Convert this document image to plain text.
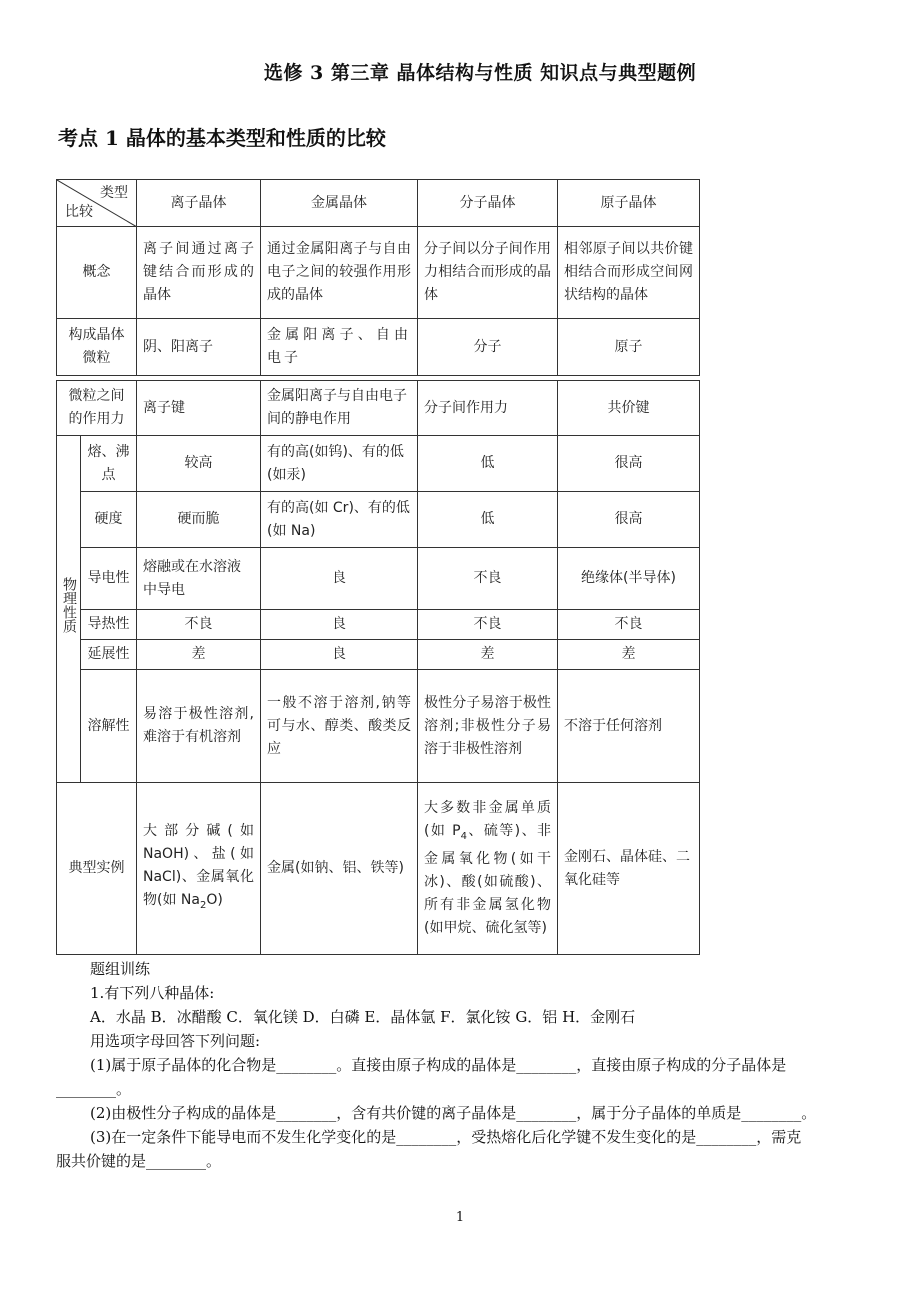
选修 3 第三章 晶体结构与性质 知识点与典型题例
考点 1 晶体的基本类型和性质的比较
类型
比较	离子晶体	金属晶体	分子晶体	原子晶体
概念	离子间通过离子键结合而形成的晶体	通过金属阳离子与自由电子之间的较强作用形成的晶体	分子间以分子间作用力相结合而形成的晶体	相邻原子间以共价键相结合而形成空间网状结构的晶体
构成晶体微粒	阴、阳离子	金属阳离子、自由电子	分子	原子
微粒之间的作用力		离子键	金属阳离子与自由电子间的静电作用	分子间作用力	共价键
物理性质	熔、沸点	较高	有的高(如钨)、有的低(如汞)	低	很高
	硬度	硬而脆	有的高(如 Cr)、有的低(如 Na)	低	很高
	导电性	熔融或在水溶液中导电	良	不良	绝缘体(半导体)
	导热性	不良	良	不良	不良
	延展性	差	良	差	差
	溶解性	易溶于极性溶剂,难溶于有机溶剂	一般不溶于溶剂,钠等可与水、醇类、酸类反应	极性分子易溶于极性溶剂;非极性分子易溶于非极性溶剂	不溶于任何溶剂
典型实例		大部分碱(如 NaOH)、盐(如 NaCl)、金属氧化物(如 $Na_2O$)	金属(如钠、铝、铁等)	大多数非金属单质(如 $P_4$、硫等)、非金属氧化物(如干冰)、酸(如硫酸)、所有非金属氢化物(如甲烷、硫化氢等)	金刚石、晶体硅、二氧化硅等
题组训练
1.有下列八种晶体:
A．水晶 B．冰醋酸 C．氧化镁 D．白磷 E．晶体氩 F．氯化铵 G．铝 H．金刚石
用选项字母回答下列问题:
(1)属于原子晶体的化合物是________。直接由原子构成的晶体是________，直接由原子构成的分子晶体是
________。
(2)由极性分子构成的晶体是________，含有共价键的离子晶体是________，属于分子晶体的单质是________。
(3)在一定条件下能导电而不发生化学变化的是________，受热熔化后化学键不发生变化的是________，需克
服共价键的是________。
1
